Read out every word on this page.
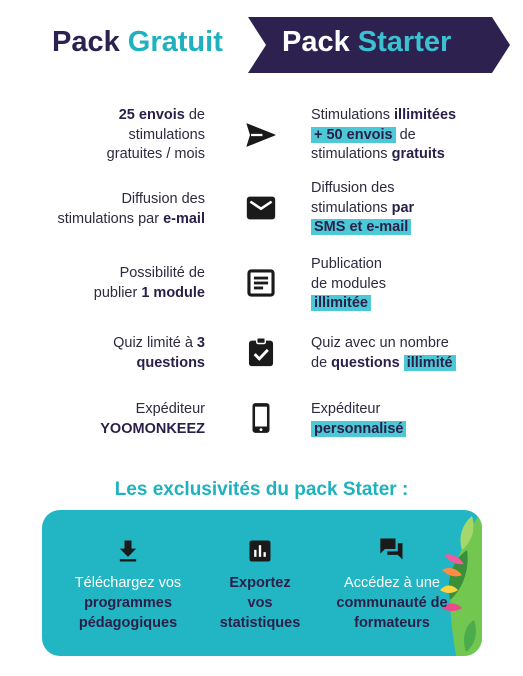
Pack Gratuit Pack Starter
25 envois de
stimulations
gratuites / mois
Stimulations illimitées
+ 50 envois de
stimulations gratuits
Diffusion des
stimulations par e-mail
Diffusion des
stimulations par
SMS et e-mail
Possibilité de
publier 1 module
Publication
de modules
illimitée
Quiz limité à 3
questions
Quiz avec un nombre
de questions illimité
Expéditeur
YOOMONKEEZ
Expéditeur
personnalisé
Les exclusivités du pack Stater :
Téléchargez vos
programmes
pédagogiques
Exportez
vos
statistiques
Accédez à une
communauté de
formateurs
